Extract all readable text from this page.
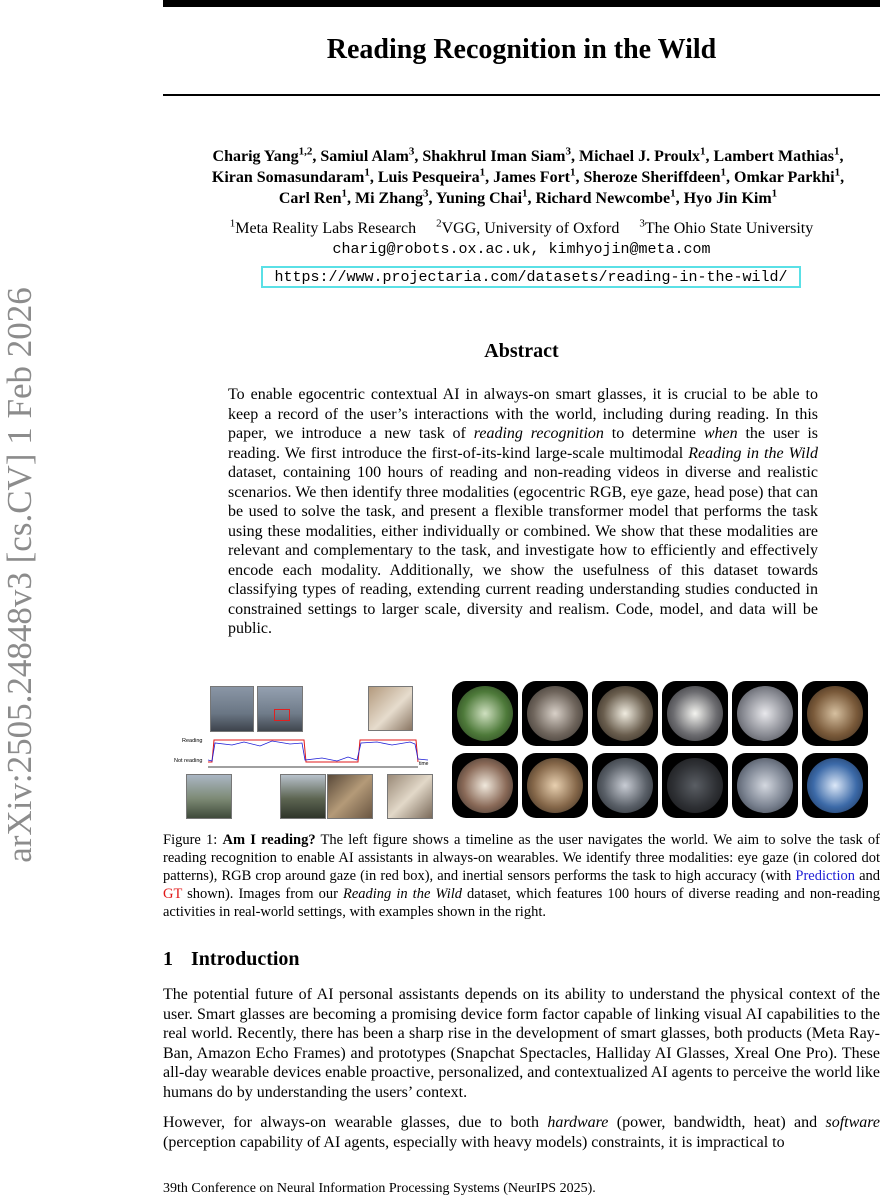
arXiv:2505.24848v3 [cs.CV] 1 Feb 2026
Reading Recognition in the Wild
Charig Yang$^{1,2}$, Samiul Alam$^3$, Shakhrul Iman Siam$^3$, Michael J. Proulx$^1$, Lambert Mathias$^1$,
Kiran Somasundaram$^1$, Luis Pesqueira$^1$, James Fort$^1$, Sheroze Sheriffdeen$^1$, Omkar Parkhi$^1$,
Carl Ren$^1$, Mi Zhang$^3$, Yuning Chai$^1$, Richard Newcombe$^1$, Hyo Jin Kim$^1$
$^1$Meta Reality Labs Research $^2$VGG, University of Oxford $^3$The Ohio State University
charig@robots.ox.ac.uk, kimhyojin@meta.com
https://www.projectaria.com/datasets/reading-in-the-wild/
Abstract
To enable egocentric contextual AI in always-on smart glasses, it is crucial to be able to keep a record of the user’s interactions with the world, including during reading. In this paper, we introduce a new task of reading recognition to determine when the user is reading. We first introduce the first-of-its-kind large-scale multimodal Reading in the Wild dataset, containing 100 hours of reading and non-reading videos in diverse and realistic scenarios. We then identify three modalities (egocentric RGB, eye gaze, head pose) that can be used to solve the task, and present a flexible transformer model that performs the task using these modalities, either individually or combined. We show that these modalities are relevant and complementary to the task, and investigate how to efficiently and effectively encode each modality. Additionally, we show the usefulness of this dataset towards classifying types of reading, extending current reading understanding studies conducted in constrained settings to larger scale, diversity and realism. Code, model, and data will be public.
Reading
Not reading	time
Figure 1: Am I reading? The left figure shows a timeline as the user navigates the world. We aim to solve the task of reading recognition to enable AI assistants in always-on wearables. We identify three modalities: eye gaze (in colored dot patterns), RGB crop around gaze (in red box), and inertial sensors performs the task to high accuracy (with Prediction and GT shown). Images from our Reading in the Wild dataset, which features 100 hours of diverse reading and non-reading activities in real-world settings, with examples shown in the right.
1 Introduction
The potential future of AI personal assistants depends on its ability to understand the physical context of the user. Smart glasses are becoming a promising device form factor capable of linking visual AI capabilities to the real world. Recently, there has been a sharp rise in the development of smart glasses, both products (Meta Ray-Ban, Amazon Echo Frames) and prototypes (Snapchat Spectacles, Halliday AI Glasses, Xreal One Pro). These all-day wearable devices enable proactive, personalized, and contextualized AI agents to perceive the world like humans do by understanding the users’ context.
However, for always-on wearable glasses, due to both hardware (power, bandwidth, heat) and software (perception capability of AI agents, especially with heavy models) constraints, it is impractical to
39th Conference on Neural Information Processing Systems (NeurIPS 2025).
